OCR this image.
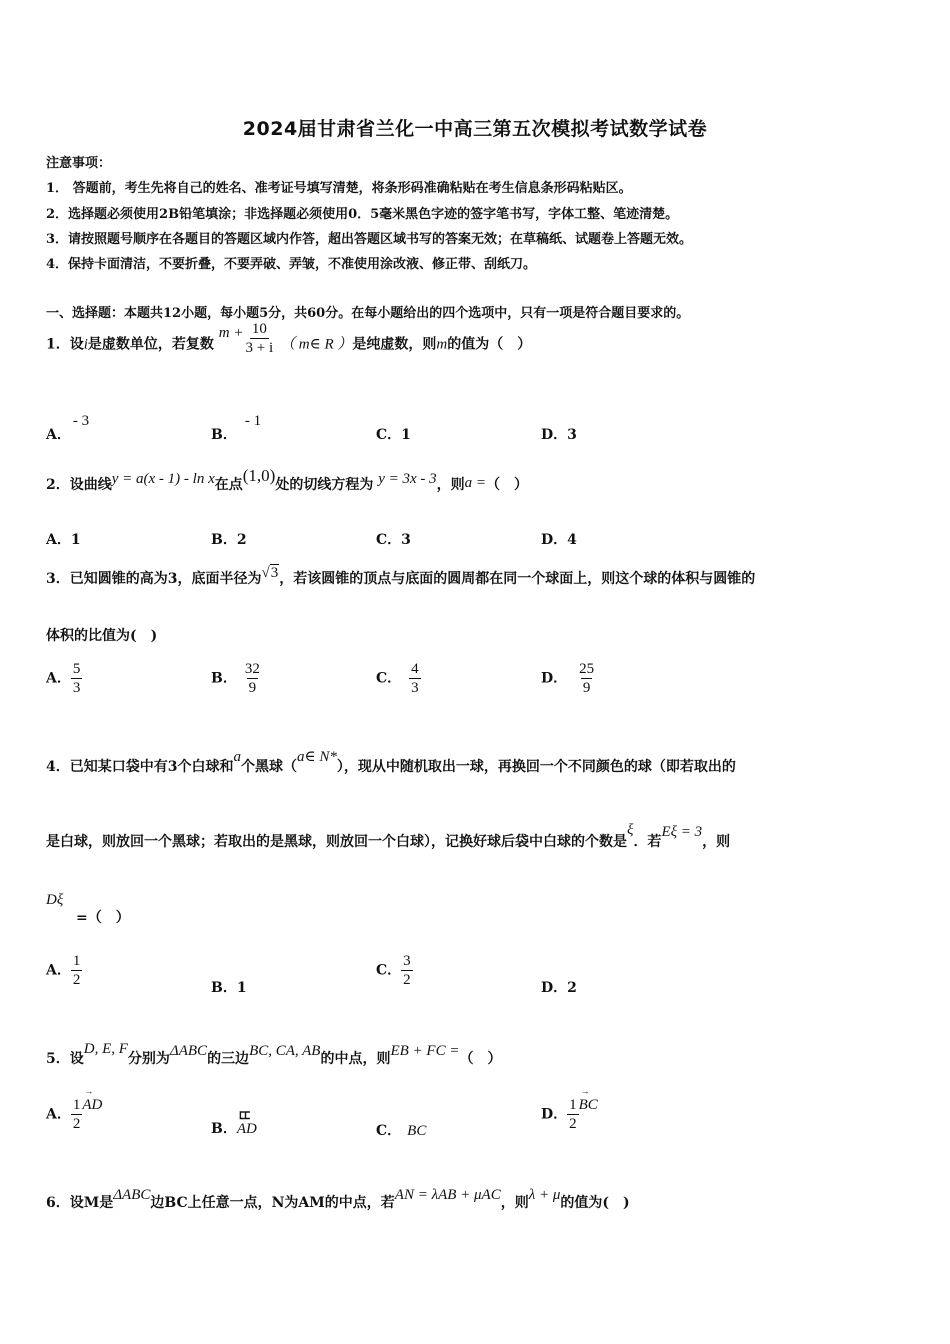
2024届甘肃省兰化一中高三第五次模拟考试数学试卷
注意事项：
1． 答题前，考生先将自己的姓名、准考证号填写清楚，将条形码准确粘贴在考生信息条形码粘贴区。
2．选择题必须使用2B铅笔填涂；非选择题必须使用0．5毫米黑色字迹的签字笔书写，字体工整、笔迹清楚。
3．请按照题号顺序在各题目的答题区域内作答，超出答题区域书写的答案无效；在草稿纸、试题卷上答题无效。
4．保持卡面清洁，不要折叠，不要弄破、弄皱，不准使用涂改液、修正带、刮纸刀。
一、选择题：本题共12小题，每小题5分，共60分。在每小题给出的四个选项中，只有一项是符合题目要求的。
1．设i是虚数单位，若复数 $m + \frac{10}{3 + i}$ （ m∈ R ）是纯虚数，则m的值为（　）
A．- 3
B．- 1
C．1	D．3
2．设曲线y = a(x - 1) - ln x在点(1,0)处的切线方程为 y = 3x - 3，则a =（　）
A．1	B．2	C．3	D．4
3．已知圆锥的高为3，底面半径为√3，若该圆锥的顶点与底面的圆周都在同一个球面上，则这个球的体积与圆锥的
体积的比值为(　)
A． $\frac{5}{3}$	B． $\frac{32}{9}$	C． $\frac{4}{3}$	D． $\frac{25}{9}$
4．已知某口袋中有3个白球和a个黑球（a∈ N*），现从中随机取出一球，再换回一个不同颜色的球（即若取出的
是白球，则放回一个黑球；若取出的是黑球，则放回一个白球），记换好球后袋中白球的个数是ξ．若Eξ = 3，则
Dξ
=（　）
A． $\frac{1}{2}$	B．1
C． $\frac{3}{2}$	D．2
5．设D, E, F分别为ΔABC的三边BC, CA, AB的中点，则EB + FC =（　）
A． $\frac{1}{2}$ → AD
B．
ⵎⵎ
AD	C． BC
D． $\frac{1}{2}$ → BC
6．设M是ΔABC边BC上任意一点，N为AM的中点，若AN = λAB + μAC，则λ + μ的值为(　)
